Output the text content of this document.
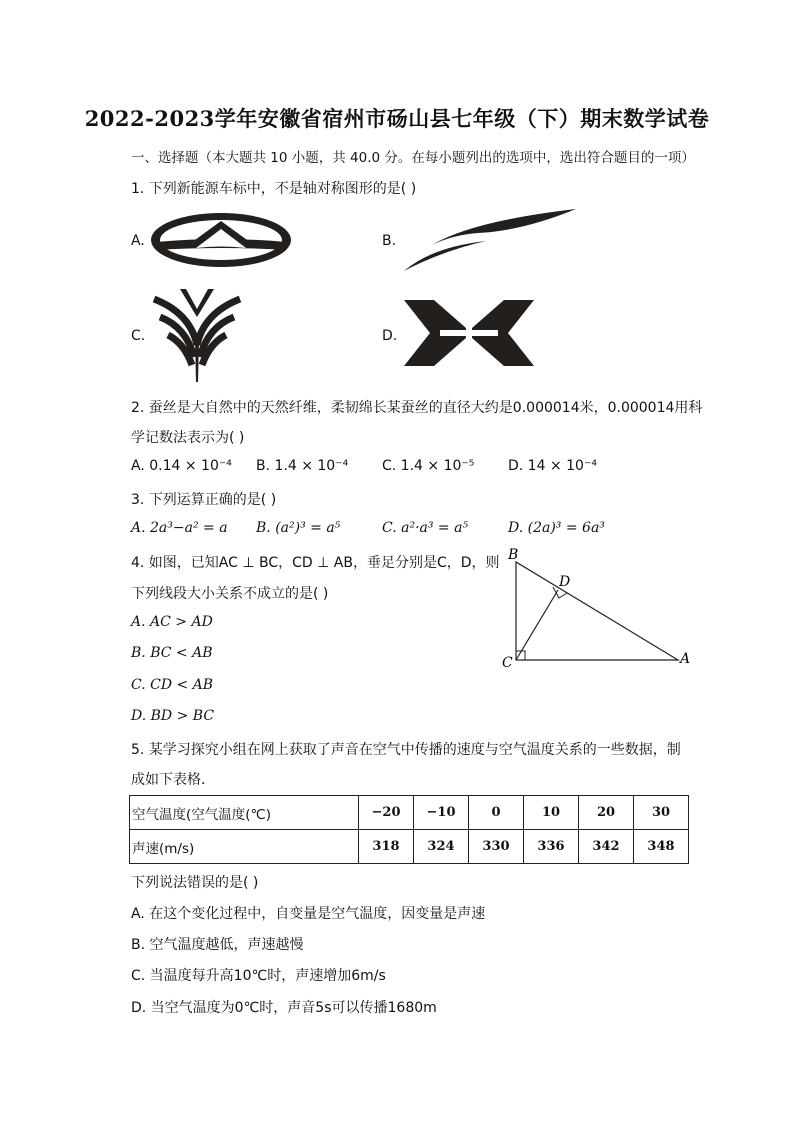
2022-2023学年安徽省宿州市砀山县七年级（下）期末数学试卷
一、选择题（本大题共 10 小题，共 40.0 分。在每小题列出的选项中，选出符合题目的一项）
1. 下列新能源车标中，不是轴对称图形的是( )
A.	B.
C.	D.
2. 蚕丝是大自然中的天然纤维，柔韧绵长某蚕丝的直径大约是0.000014米，0.000014用科
学记数法表示为( )
A. 0.14 × 10⁻⁴ B. 1.4 × 10⁻⁴ C. 1.4 × 10⁻⁵ D. 14 × 10⁻⁴
3. 下列运算正确的是( )
A. 2a³−a² = a B. (a²)³ = a⁵	C. a²·a³ = a⁵	D. (2a)³ = 6a³
4. 如图，已知AC ⊥ BC，CD ⊥ AB，垂足分别是C，D，则
下列线段大小关系不成立的是( )
A. AC > AD
B. BC < AB
C. CD < AB
D. BD > BC
B
D
C	A
5. 某学习探究小组在网上获取了声音在空气中传播的速度与空气温度关系的一些数据，制
成如下表格．
空气温度(空气温度(℃)	−20	−10	0	10	20	30
声速(m/s)	318	324	330	336	342	348
下列说法错误的是( )
A. 在这个变化过程中，自变量是空气温度，因变量是声速
B. 空气温度越低，声速越慢
C. 当温度每升高10℃时，声速增加6m/s
D. 当空气温度为0℃时，声音5s可以传播1680m
